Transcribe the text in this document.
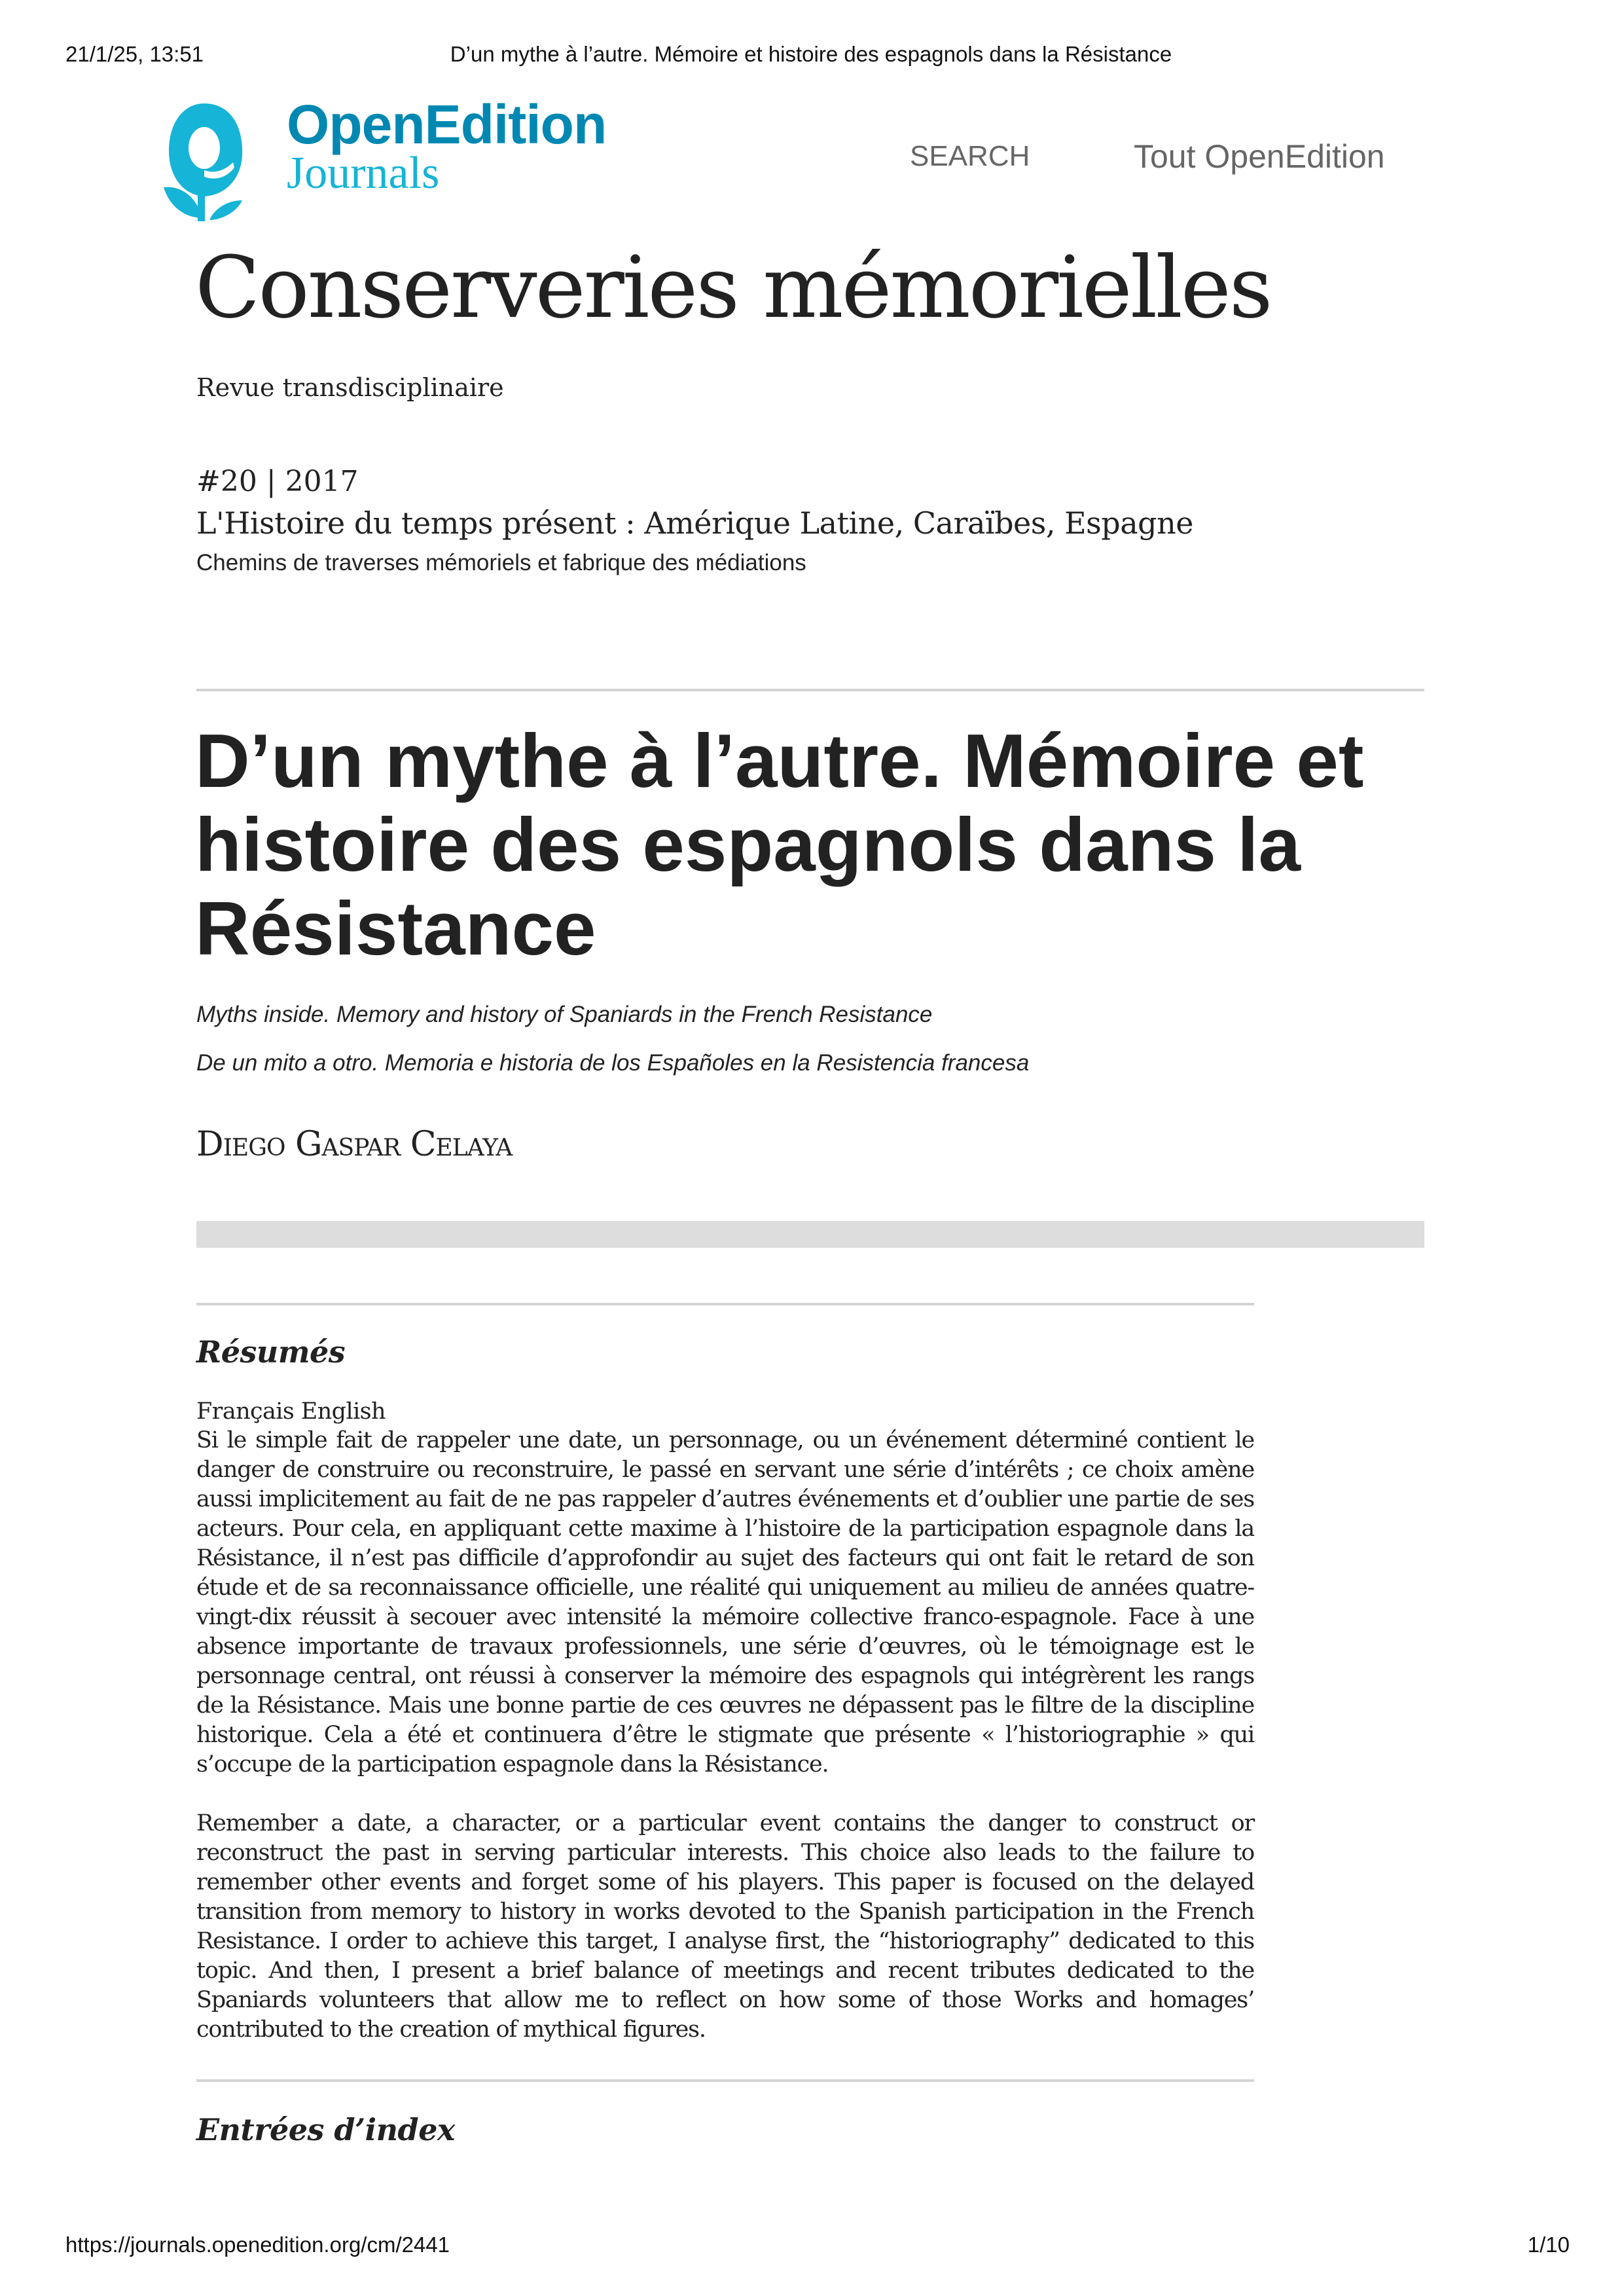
21/1/25, 13:51	D’un mythe à l’autre. Mémoire et histoire des espagnols dans la Résistance
OpenEdition
Journals	SEARCH	Tout OpenEdition
Conserveries mémorielles
Revue transdisciplinaire
#20 | 2017
L'Histoire du temps présent : Amérique Latine, Caraïbes, Espagne
Chemins de traverses mémoriels et fabrique des médiations
D’un mythe à l’autre. Mémoire et histoire des espagnols dans la Résistance
Myths inside. Memory and history of Spaniards in the French Resistance
De un mito a otro. Memoria e historia de los Españoles en la Resistencia francesa
Diego Gaspar Celaya
Résumés
Français English

Si le simple fait de rappeler une date, un personnage, ou un événement déterminé contient le danger de construire ou reconstruire, le passé en servant une série d’intérêts ; ce choix amène aussi implicitement au fait de ne pas rappeler d’autres événements et d’oublier une partie de ses acteurs. Pour cela, en appliquant cette maxime à l’histoire de la participation espagnole dans la Résistance, il n’est pas difficile d’approfondir au sujet des facteurs qui ont fait le retard de son étude et de sa reconnaissance officielle, une réalité qui uniquement au milieu de années quatre-vingt-dix réussit à secouer avec intensité la mémoire collective franco-espagnole. Face à une absence importante de travaux professionnels, une série d’œuvres, où le témoignage est le personnage central, ont réussi à conserver la mémoire des espagnols qui intégrèrent les rangs de la Résistance. Mais une bonne partie de ces œuvres ne dépassent pas le filtre de la discipline historique. Cela a été et continuera d’être le stigmate que présente « l’historiographie » qui s’occupe de la participation espagnole dans la Résistance.

Remember a date, a character, or a particular event contains the danger to construct or reconstruct the past in serving particular interests. This choice also leads to the failure to remember other events and forget some of his players. This paper is focused on the delayed transition from memory to history in works devoted to the Spanish participation in the French Resistance. I order to achieve this target, I analyse first, the “historiography” dedicated to this topic. And then, I present a brief balance of meetings and recent tributes dedicated to the Spaniards volunteers that allow me to reflect on how some of those Works and homages’ contributed to the creation of mythical figures.

Entrées d’index
https://journals.openedition.org/cm/2441	1/10
